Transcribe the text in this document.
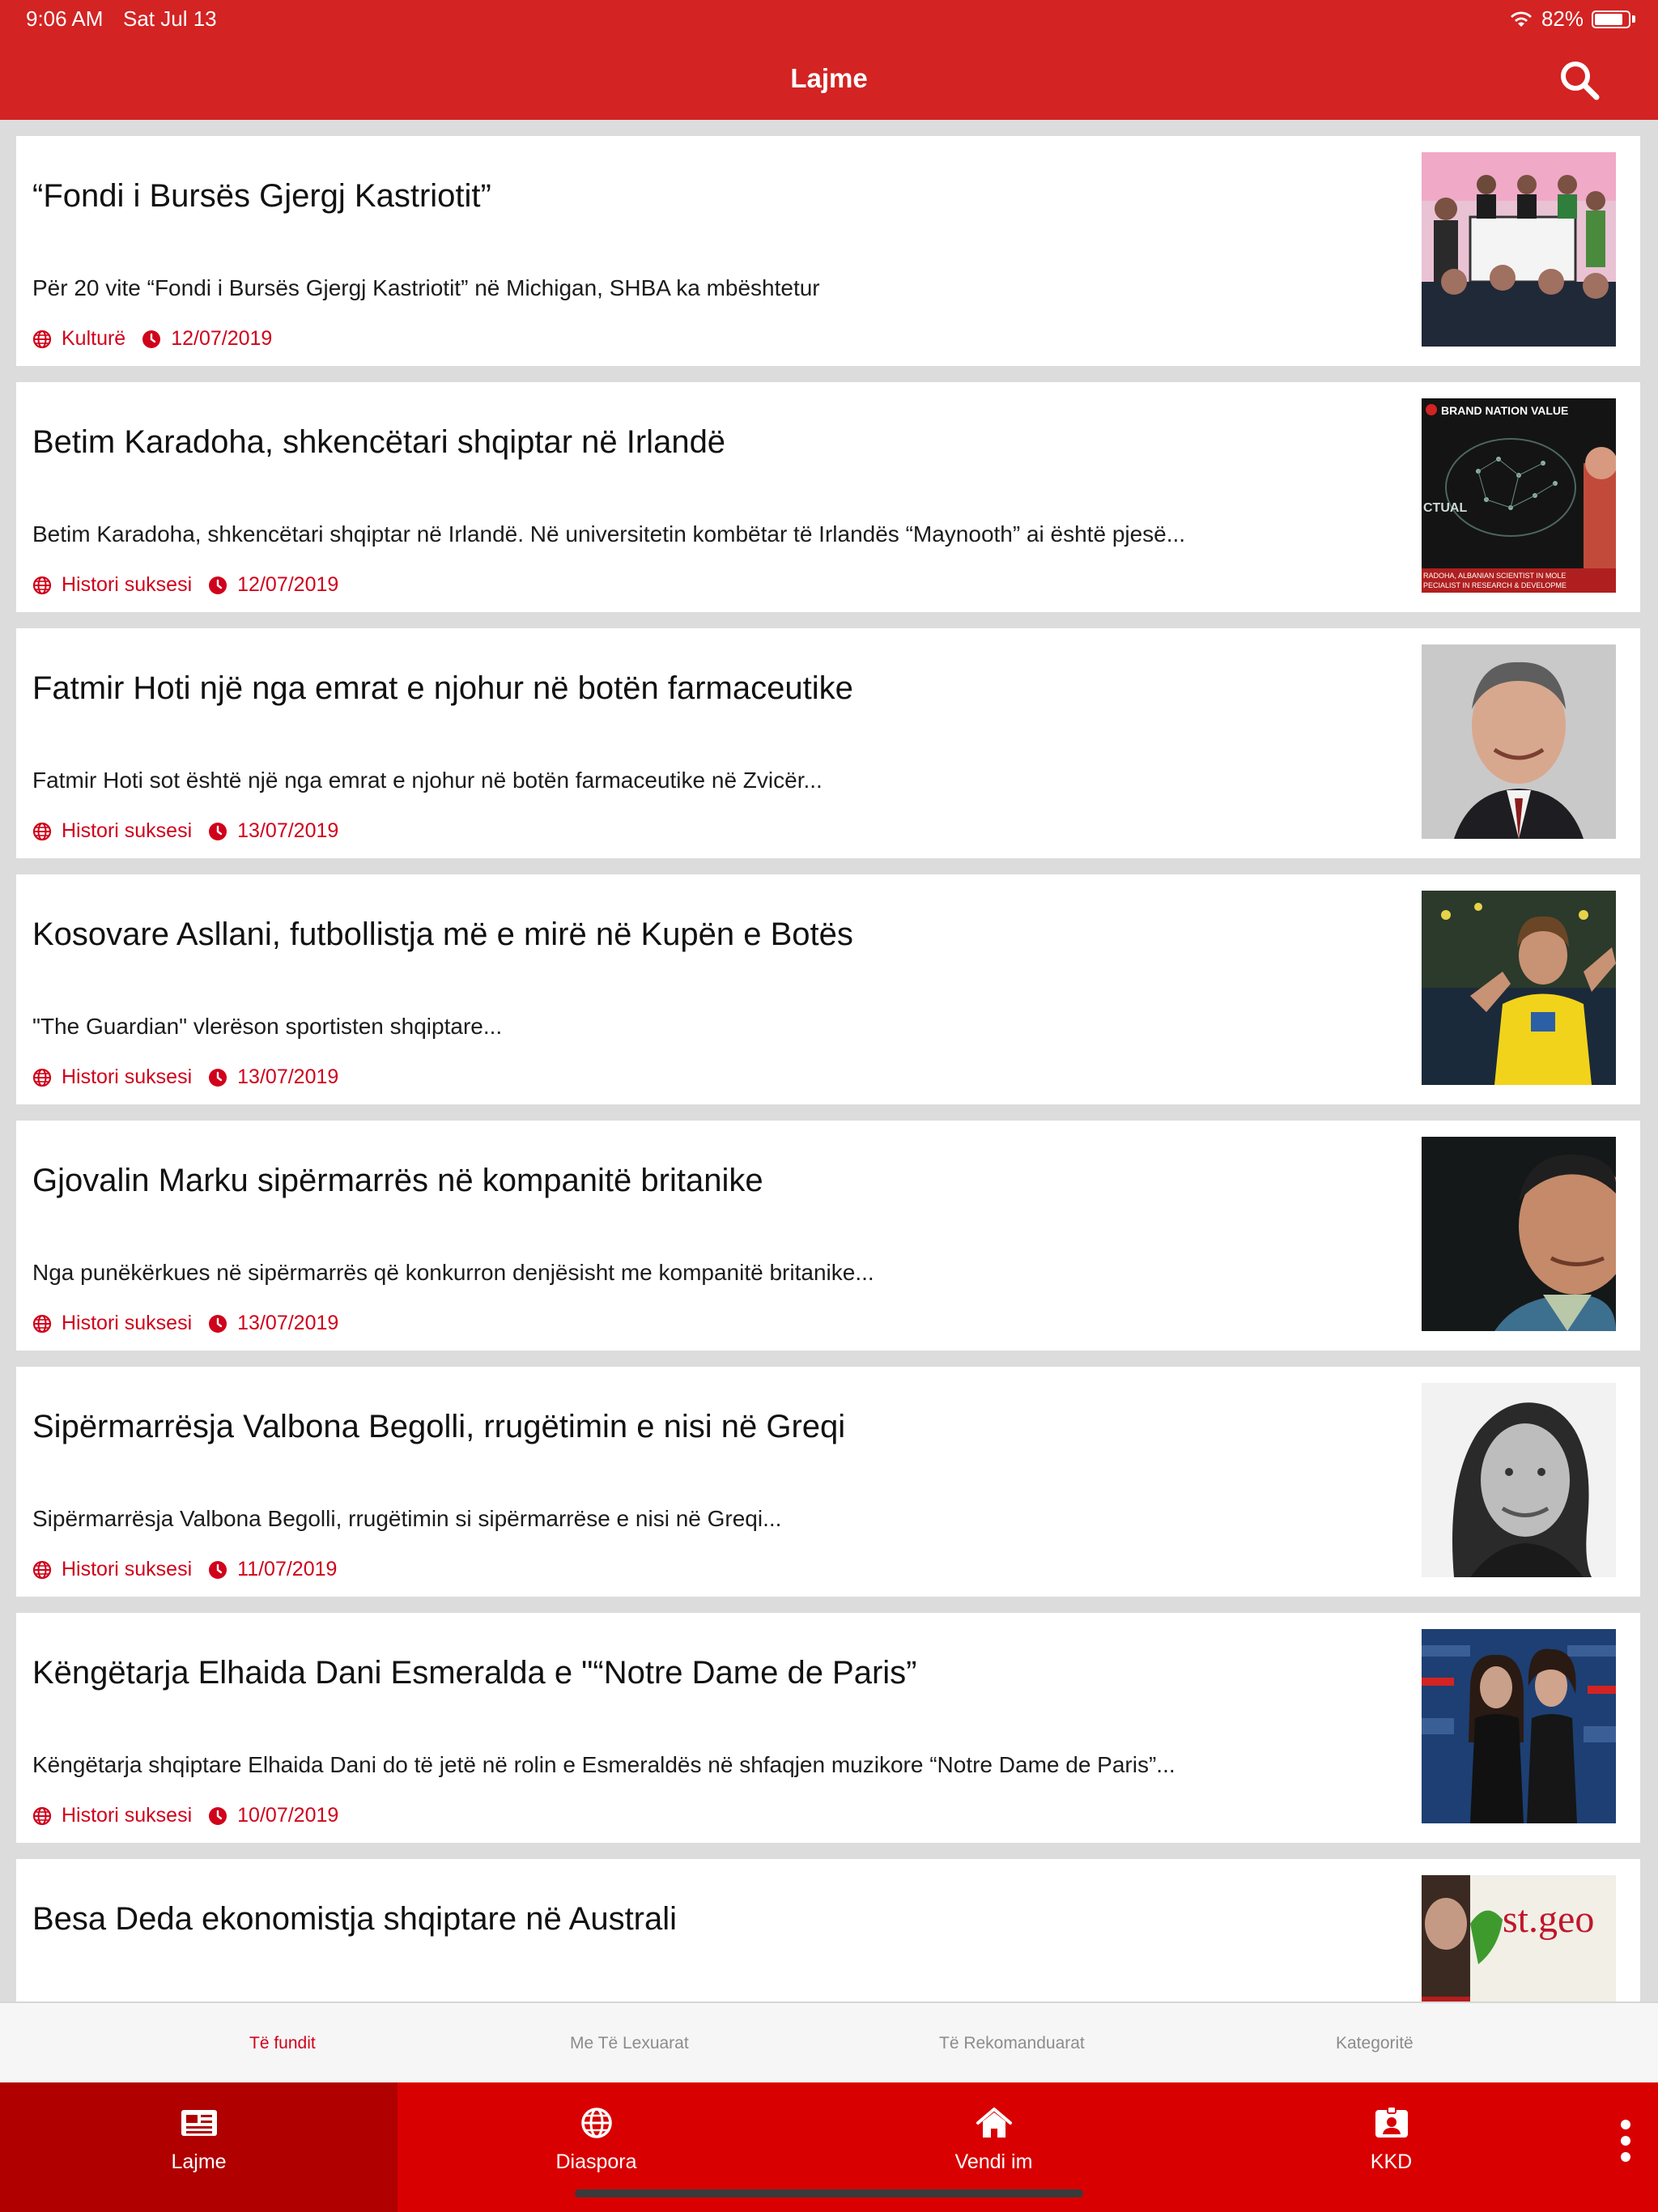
9:06 AM Sat Jul 13	82%
Lajme
“Fondi i Bursës Gjergj Kastriotit”
Për 20 vite “Fondi i Bursës Gjergj Kastriotit” në Michigan, SHBA ka mbështetur
Kulturë 12/07/2019
Betim Karadoha, shkencëtari shqiptar në Irlandë
Betim Karadoha, shkencëtari shqiptar në Irlandë. Në universitetin kombëtar të Irlandës “Maynooth” ai është pjesë...
Histori suksesi 12/07/2019
BRAND NATION VALUE
CTUAL
RADOHA, ALBANIAN SCIENTIST IN MOLE
PECIALIST IN RESEARCH & DEVELOPME
Fatmir Hoti një nga emrat e njohur në botën farmaceutike
Fatmir Hoti sot është një nga emrat e njohur në botën farmaceutike në Zvicër...
Histori suksesi 13/07/2019
Kosovare Asllani, futbollistja më e mirë në Kupën e Botës
"The Guardian" vlerëson sportisten shqiptare...
Histori suksesi 13/07/2019
Gjovalin Marku sipërmarrës në kompanitë britanike
Nga punëkërkues në sipërmarrës që konkurron denjësisht me kompanitë britanike...
Histori suksesi 13/07/2019
Sipërmarrësja Valbona Begolli, rrugëtimin e nisi në Greqi
Sipërmarrësja Valbona Begolli, rrugëtimin si sipërmarrëse e nisi në Greqi...
Histori suksesi 11/07/2019
Këngëtarja Elhaida Dani Esmeralda e "“Notre Dame de Paris”
Këngëtarja shqiptare Elhaida Dani do të jetë në rolin e Esmeraldës në shfaqjen muzikore “Notre Dame de Paris”...
Histori suksesi 10/07/2019
Besa Deda ekonomistja shqiptare në Australi	st.geo
Të fundit	Me Të Lexuarat	Të Rekomanduarat	Kategoritë
Lajme	Diaspora	Vendi im	KKD
